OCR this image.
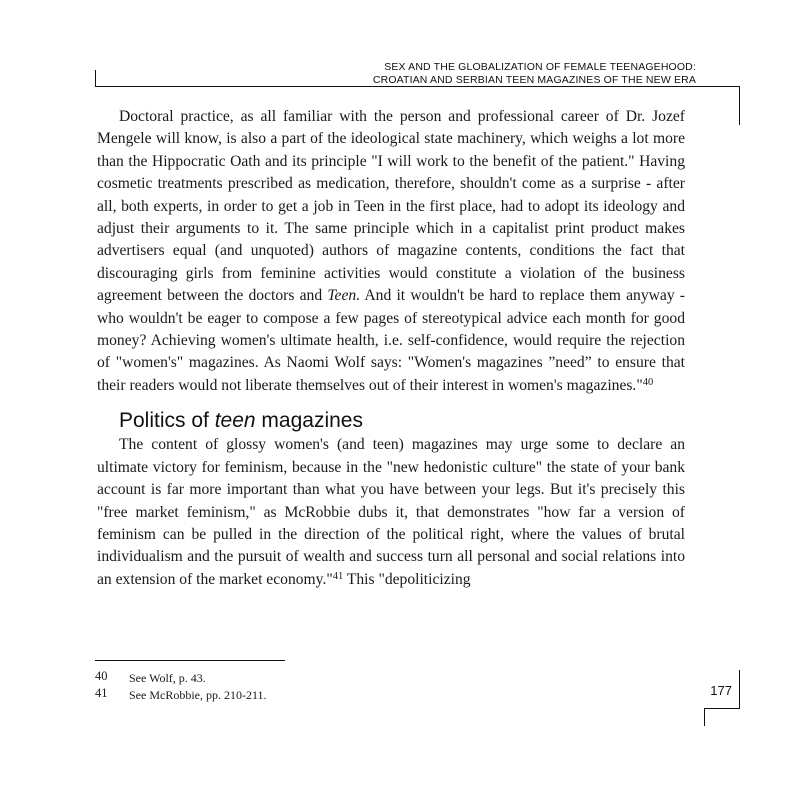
SEX AND THE GLOBALIZATION OF FEMALE TEENAGEHOOD:
CROATIAN AND SERBIAN TEEN MAGAZINES OF THE NEW ERA

Doctoral practice, as all familiar with the person and professional career of Dr. Jozef Mengele will know, is also a part of the ideological state machinery, which weighs a lot more than the Hippocratic Oath and its principle "I will work to the benefit of the patient." Having cosmetic treatments prescribed as medication, therefore, shouldn't come as a surprise - after all, both experts, in order to get a job in Teen in the first place, had to adopt its ideology and adjust their arguments to it. The same principle which in a capitalist print product makes advertisers equal (and unquoted) authors of magazine contents, conditions the fact that discouraging girls from feminine activities would constitute a violation of the business agreement between the doctors and Teen. And it wouldn't be hard to replace them anyway - who wouldn't be eager to compose a few pages of stereotypical advice each month for good money? Achieving women's ultimate health, i.e. self-confidence, would require the rejection of "women's" magazines. As Naomi Wolf says: "Women's magazines ”need” to ensure that their readers would not liberate themselves out of their interest in women's magazines."$^{40}$

Politics of teen magazines

The content of glossy women's (and teen) magazines may urge some to declare an ultimate victory for feminism, because in the "new hedonistic culture" the state of your bank account is far more important than what you have between your legs. But it's precisely this "free market feminism," as McRobbie dubs it, that demonstrates "how far a version of feminism can be pulled in the direction of the political right, where the values of brutal individualism and the pursuit of wealth and success turn all personal and social relations into an extension of the market economy."$^{41}$ This "depoliticizing

40	See Wolf, p. 43.
41	See McRobbie, pp. 210-211.	177
